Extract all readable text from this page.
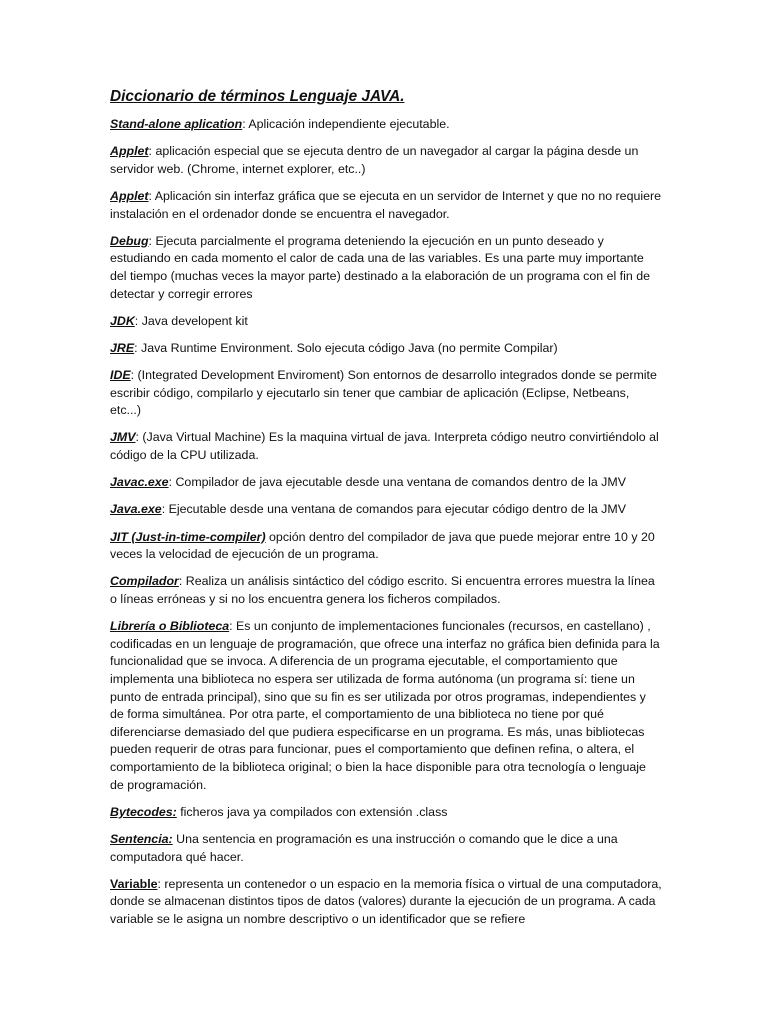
Diccionario de términos Lenguaje JAVA.

Stand-alone aplication: Aplicación independiente ejecutable.

Applet: aplicación especial que se ejecuta dentro de un navegador al cargar la página desde un servidor web. (Chrome, internet explorer, etc..)

Applet: Aplicación sin interfaz gráfica que se ejecuta en un servidor de Internet y que no no requiere instalación en el ordenador donde se encuentra el navegador.

Debug: Ejecuta parcialmente el programa deteniendo la ejecución en un punto deseado y estudiando en cada momento el calor de cada una de las variables. Es una parte muy importante del tiempo (muchas veces la mayor parte) destinado a la elaboración de un programa con el fin de detectar y corregir errores

JDK: Java developent kit

JRE: Java Runtime Environment. Solo ejecuta código Java (no permite Compilar)

IDE: (Integrated Development Enviroment) Son entornos de desarrollo integrados donde se permite escribir código, compilarlo y ejecutarlo sin tener que cambiar de aplicación (Eclipse, Netbeans, etc...)

JMV: (Java Virtual Machine) Es la maquina virtual de java. Interpreta código neutro convirtiéndolo al código de la CPU utilizada.

Javac.exe: Compilador de java ejecutable desde una ventana de comandos dentro de la JMV

Java.exe: Ejecutable desde una ventana de comandos para ejecutar código dentro de la JMV

JIT (Just-in-time-compiler) opción dentro del compilador de java que puede mejorar entre 10 y 20 veces la velocidad de ejecución de un programa.

Compilador: Realiza un análisis sintáctico del código escrito. Si encuentra errores muestra la línea o líneas erróneas y si no los encuentra genera los ficheros compilados.

Librería o Biblioteca: Es un conjunto de implementaciones funcionales (recursos, en castellano) , codificadas en un lenguaje de programación, que ofrece una interfaz no gráfica bien definida para la funcionalidad que se invoca. A diferencia de un programa ejecutable, el comportamiento que implementa una biblioteca no espera ser utilizada de forma autónoma (un programa sí: tiene un punto de entrada principal), sino que su fin es ser utilizada por otros programas, independientes y de forma simultánea. Por otra parte, el comportamiento de una biblioteca no tiene por qué diferenciarse demasiado del que pudiera especificarse en un programa. Es más, unas bibliotecas pueden requerir de otras para funcionar, pues el comportamiento que definen refina, o altera, el comportamiento de la biblioteca original; o bien la hace disponible para otra tecnología o lenguaje de programación.

Bytecodes: ficheros java ya compilados con extensión .class

Sentencia: Una sentencia en programación es una instrucción o comando que le dice a una computadora qué hacer.

Variable: representa un contenedor o un espacio en la memoria física o virtual de una computadora, donde se almacenan distintos tipos de datos (valores) durante la ejecución de un programa. A cada variable se le asigna un nombre descriptivo o un identificador que se refiere
